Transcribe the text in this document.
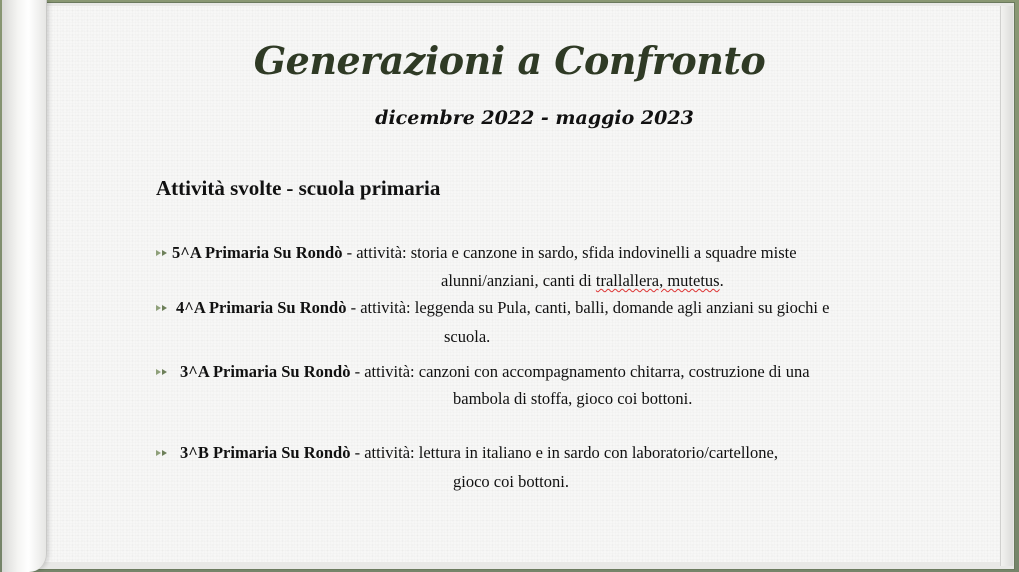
Generazioni a Confronto
dicembre 2022 - maggio 2023
Attività svolte - scuola primaria
5^A Primaria Su Rondò - attività: storia e canzone in sardo, sfida indovinelli a squadre miste
alunni/anziani, canti di trallallera, mutetus.
4^A Primaria Su Rondò - attività: leggenda su Pula, canti, balli, domande agli anziani su giochi e
scuola.
3^A Primaria Su Rondò - attività: canzoni con accompagnamento chitarra, costruzione di una
bambola di stoffa, gioco coi bottoni.
3^B Primaria Su Rondò - attività: lettura in italiano e in sardo con laboratorio/cartellone,
gioco coi bottoni.
